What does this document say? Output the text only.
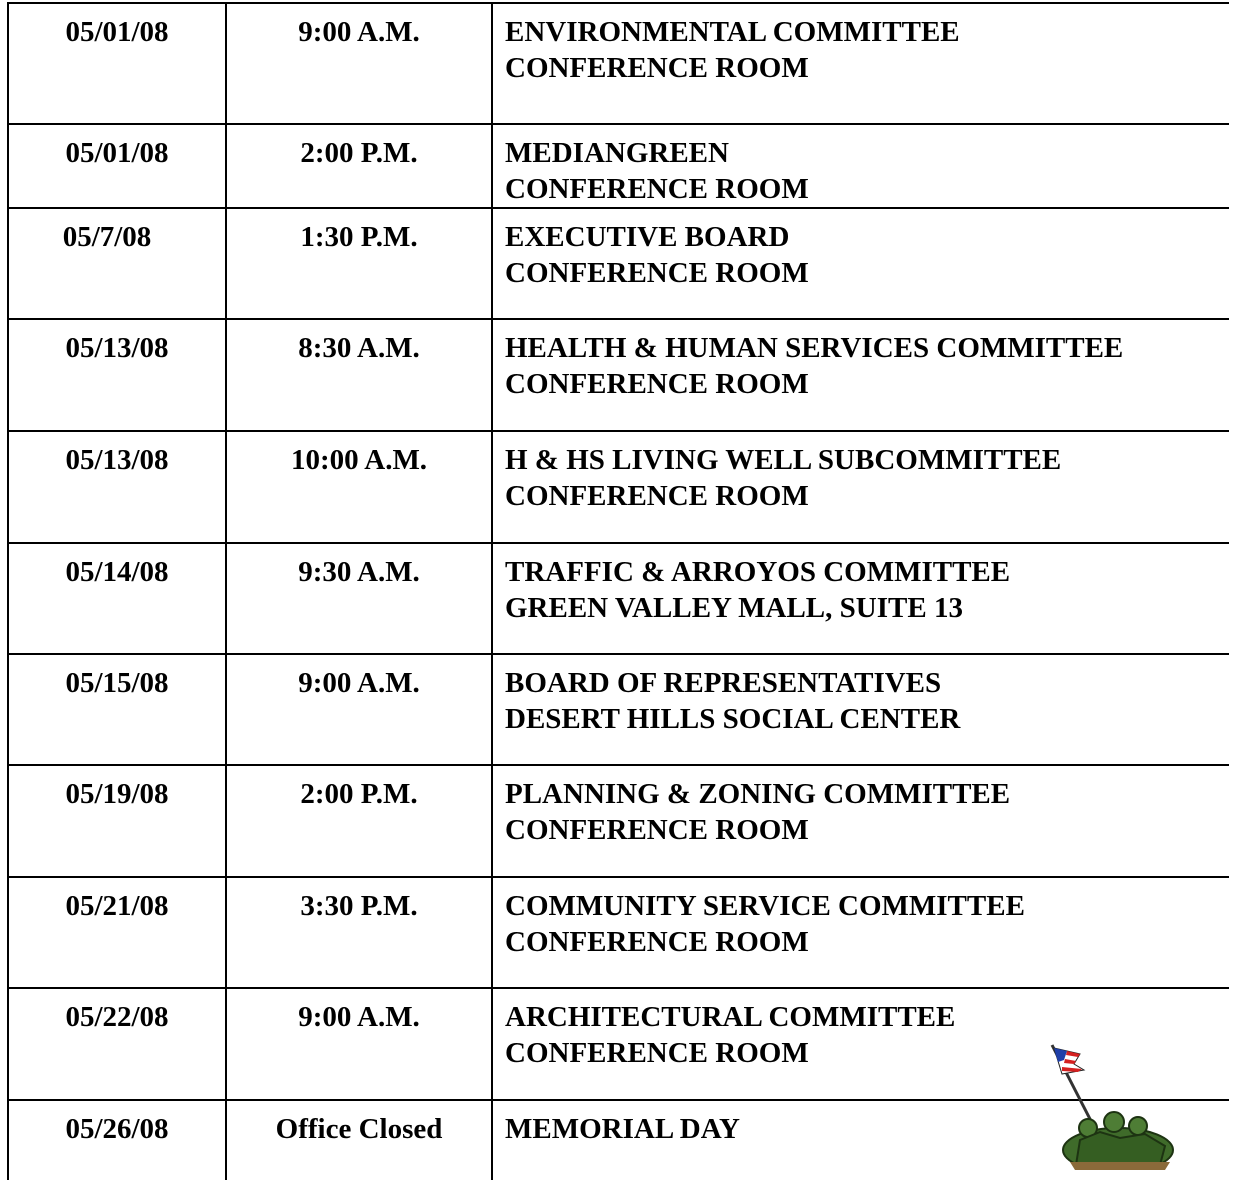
05/01/08	9:00 A.M.	ENVIRONMENTAL COMMITTEE
CONFERENCE ROOM

05/01/08	2:00 P.M.	MEDIANGREEN
CONFERENCE ROOM

05/7/08	1:30 P.M.	EXECUTIVE BOARD
CONFERENCE ROOM

05/13/08	8:30 A.M.	HEALTH & HUMAN SERVICES COMMITTEE
CONFERENCE ROOM

05/13/08	10:00 A.M.	H & HS LIVING WELL SUBCOMMITTEE
CONFERENCE ROOM

05/14/08	9:30 A.M.	TRAFFIC & ARROYOS COMMITTEE
GREEN VALLEY MALL, SUITE 13

05/15/08	9:00 A.M.	BOARD OF REPRESENTATIVES
DESERT HILLS SOCIAL CENTER

05/19/08	2:00 P.M.	PLANNING & ZONING COMMITTEE
CONFERENCE ROOM

05/21/08	3:30 P.M.	COMMUNITY SERVICE COMMITTEE
CONFERENCE ROOM

05/22/08	9:00 A.M.	ARCHITECTURAL COMMITTEE
CONFERENCE ROOM

05/26/08	Office Closed	MEMORIAL DAY
